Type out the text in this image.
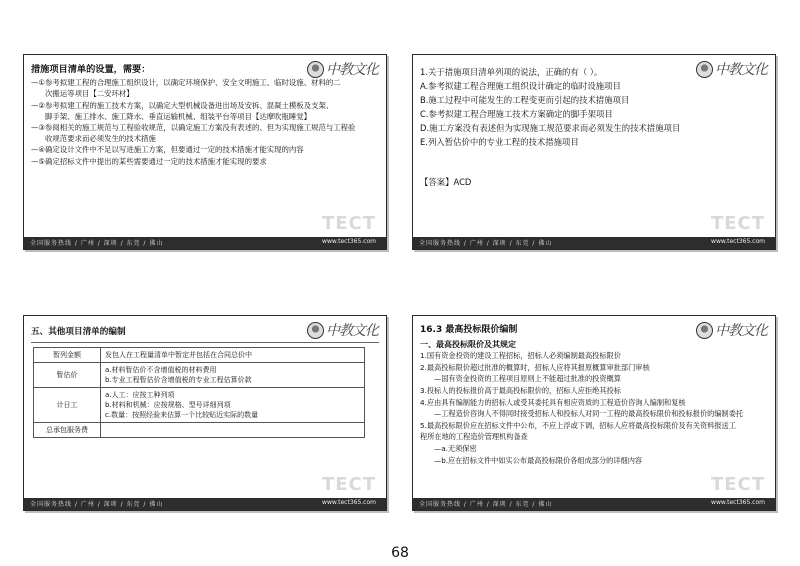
中教文化
措施项目清单的设置，需要：
—①参考拟建工程的合理施工组织设计，以确定环境保护、安全文明施工、临时设施、材料的二
次搬运等项目【二安环材】
—②参考拟建工程的施工技术方案，以确定大型机械设备进出场及安拆、混凝土模板及支架、
脚手架、施工排水、施工降水、垂直运输机械、组装平台等项目【达摩吹瓶睡觉】
—③参阅相关的施工规范与工程验收规范，以确定施工方案没有表述的、但为实现施工规范与工程验
收规范要求而必须发生的技术措施
—④确定设计文件中不足以写进施工方案，但要通过一定的技术措施才能实现的内容
—⑤确定招标文件中提出的某些需要通过一定的技术措施才能实现的要求
TECT
全国服务热线 / 广州 / 深圳 / 东莞 / 佛山	www.tect365.com
中教文化
1.关于措施项目清单列项的说法，正确的有（ ）。
A.参考拟建工程合理施工组织设计确定的临时设施项目
B.施工过程中可能发生的工程变更而引起的技术措施项目
C.参考拟建工程合理施工技术方案确定的脚手架项目
D.施工方案没有表述但为实现施工规范要求而必须发生的技术措施项目
E.列入暂估价中的专业工程的技术措施项目
【答案】ACD
TECT
全国服务热线 / 广州 / 深圳 / 东莞 / 佛山	www.tect365.com
中教文化
五、其他项目清单的编制
暂列金额	发包人在工程量清单中暂定并包括在合同总价中

暂估价	a.材料暂估价不含增值税的材料费用
b.专业工程暂估价含增值税的专业工程估算价款

计日工	a.人工：应按工种列项
b.材料和机械：应按规格、型号详细列项
c.数量：按照经验来估算一个比较贴近实际的数量

总承包服务费	

TECT
全国服务热线 / 广州 / 深圳 / 东莞 / 佛山	www.tect365.com
中教文化
16.3 最高投标限价编制
一、最高投标限价及其规定
1.国有资金投资的建设工程招标，招标人必须编制最高投标限价
2.最高投标限价超过批准的概算时，招标人应将其报原概算审批部门审核
—国有资金投资的工程项目原则上不能超过批准的投资概算
3.投标人的投标报价高于最高投标限价的，招标人应拒绝其投标
4.应由具有编制能力的招标人或受其委托具有相应资质的工程造价咨询人编制和复核
—工程造价咨询人不得同时接受招标人和投标人对同一工程的最高投标限价和投标报价的编制委托
5.最高投标限价应在招标文件中公布，不应上浮或下调，招标人应将最高投标限价及有关资料报送工
程所在地的工程造价管理机构备查
—a.无须保密
—b.应在招标文件中如实公布最高投标限价各组成部分的详细内容
TECT
全国服务热线 / 广州 / 深圳 / 东莞 / 佛山	www.tect365.com
68
